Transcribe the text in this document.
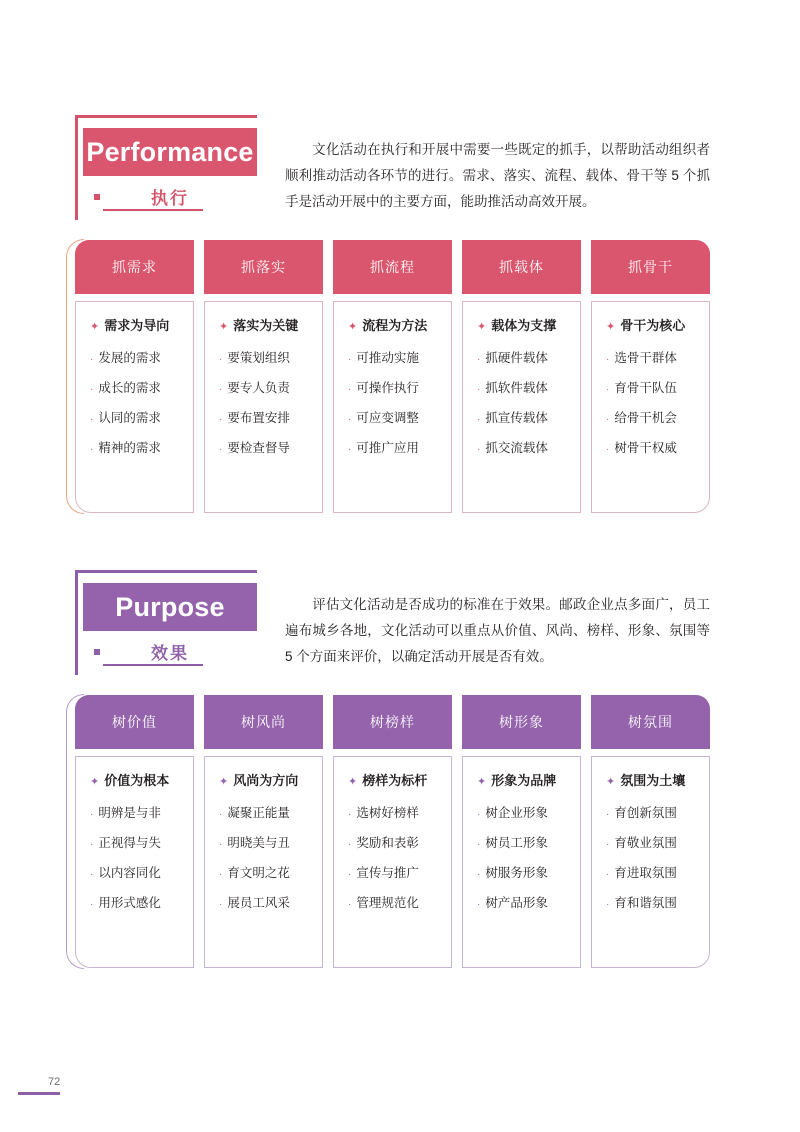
Performance
执行
文化活动在执行和开展中需要一些既定的抓手，以帮助活动组织者顺利推动活动各环节的进行。需求、落实、流程、载体、骨干等 5 个抓手是活动开展中的主要方面，能助推活动高效开展。
抓需求
✦ 需求为导向
· 发展的需求
· 成长的需求
· 认同的需求
· 精神的需求
抓落实
✦ 落实为关键
· 要策划组织
· 要专人负责
· 要布置安排
· 要检查督导
抓流程
✦ 流程为方法
· 可推动实施
· 可操作执行
· 可应变调整
· 可推广应用
抓载体
✦ 载体为支撑
· 抓硬件载体
· 抓软件载体
· 抓宣传载体
· 抓交流载体
抓骨干
✦ 骨干为核心
· 选骨干群体
· 育骨干队伍
· 给骨干机会
· 树骨干权威
Purpose
效果
评估文化活动是否成功的标准在于效果。邮政企业点多面广，员工遍布城乡各地，文化活动可以重点从价值、风尚、榜样、形象、氛围等 5 个方面来评价，以确定活动开展是否有效。
树价值
✦ 价值为根本
· 明辨是与非
· 正视得与失
· 以内容同化
· 用形式感化
树风尚
✦ 风尚为方向
· 凝聚正能量
· 明晓美与丑
· 育文明之花
· 展员工风采
树榜样
✦ 榜样为标杆
· 选树好榜样
· 奖励和表彰
· 宣传与推广
· 管理规范化
树形象
✦ 形象为品牌
· 树企业形象
· 树员工形象
· 树服务形象
· 树产品形象
树氛围
✦ 氛围为土壤
· 育创新氛围
· 育敬业氛围
· 育进取氛围
· 育和谐氛围
72
